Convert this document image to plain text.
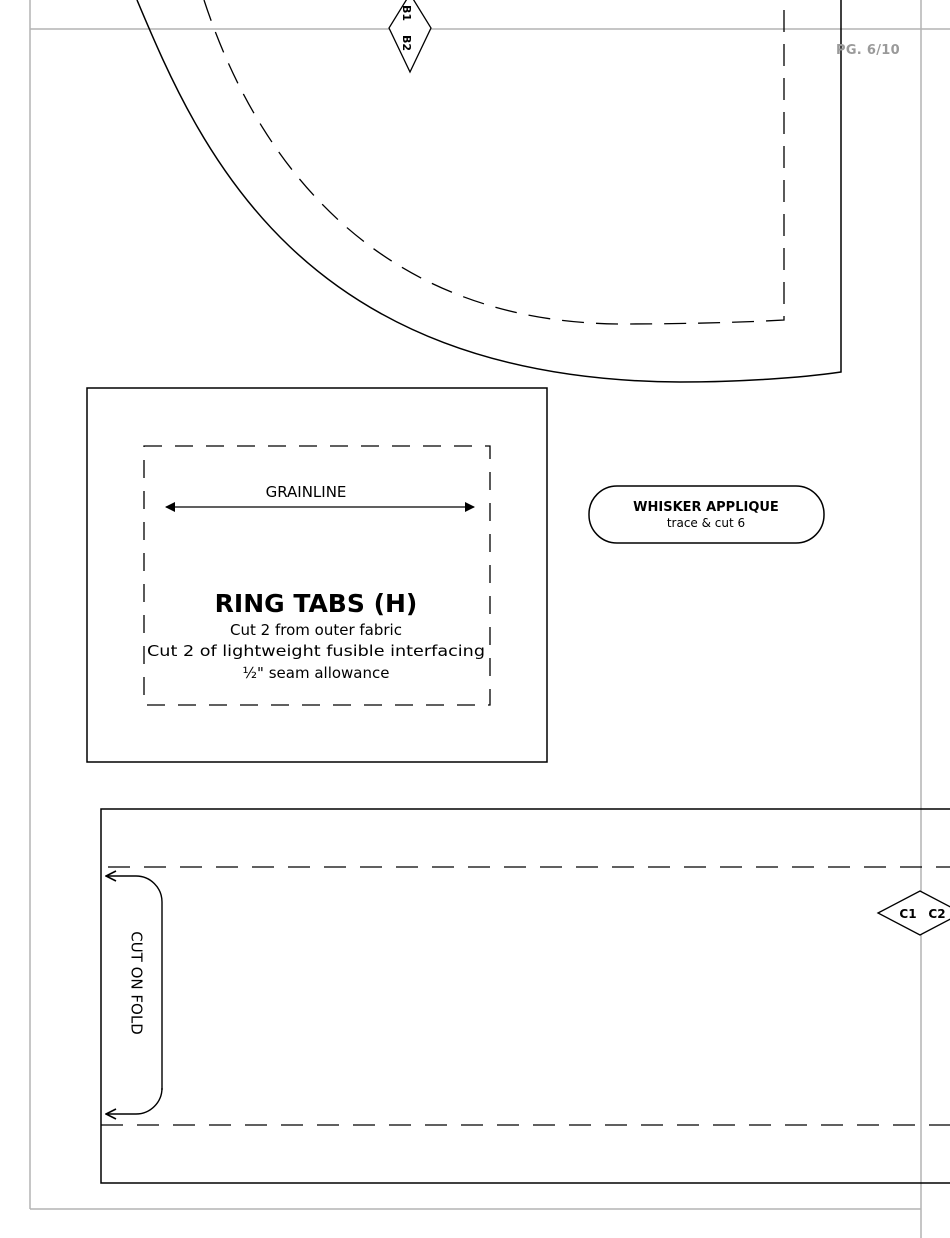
B1
B2
GRAINLINE
RING TABS (H)
Cut 2 from outer fabric
Cut 2 of lightweight fusible interfacing
½" seam allowance
WHISKER APPLIQUE
trace & cut 6
CUT ON FOLD
C1 C2
PG. 6/10
